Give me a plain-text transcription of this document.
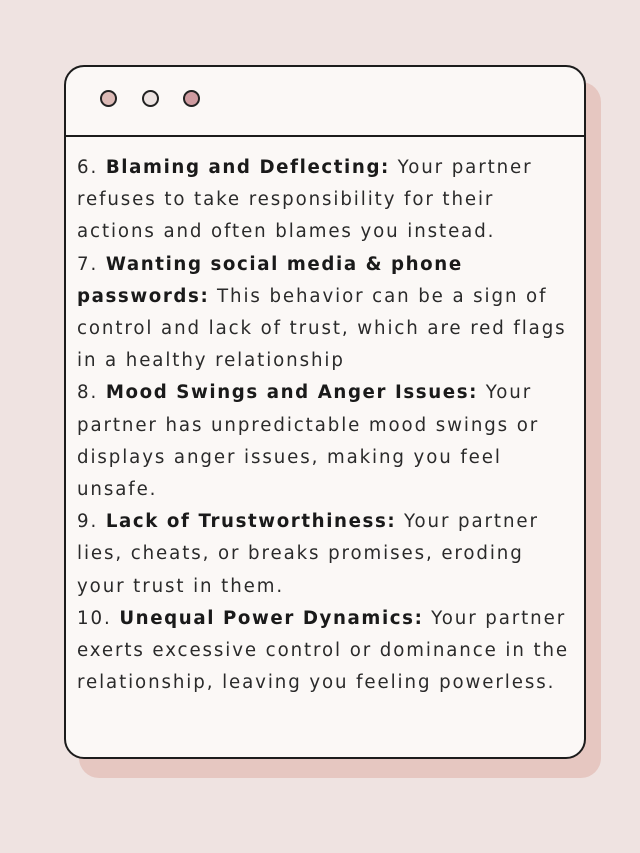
6. Blaming and Deflecting: Your partner refuses to take responsibility for their actions and often blames you instead.

7. Wanting social media & phone passwords: This behavior can be a sign of control and lack of trust, which are red flags in a healthy relationship

8. Mood Swings and Anger Issues: Your partner has unpredictable mood swings or displays anger issues, making you feel unsafe.

9. Lack of Trustworthiness: Your partner lies, cheats, or breaks promises, eroding your trust in them.

10. Unequal Power Dynamics: Your partner exerts excessive control or dominance in the relationship, leaving you feeling powerless.
